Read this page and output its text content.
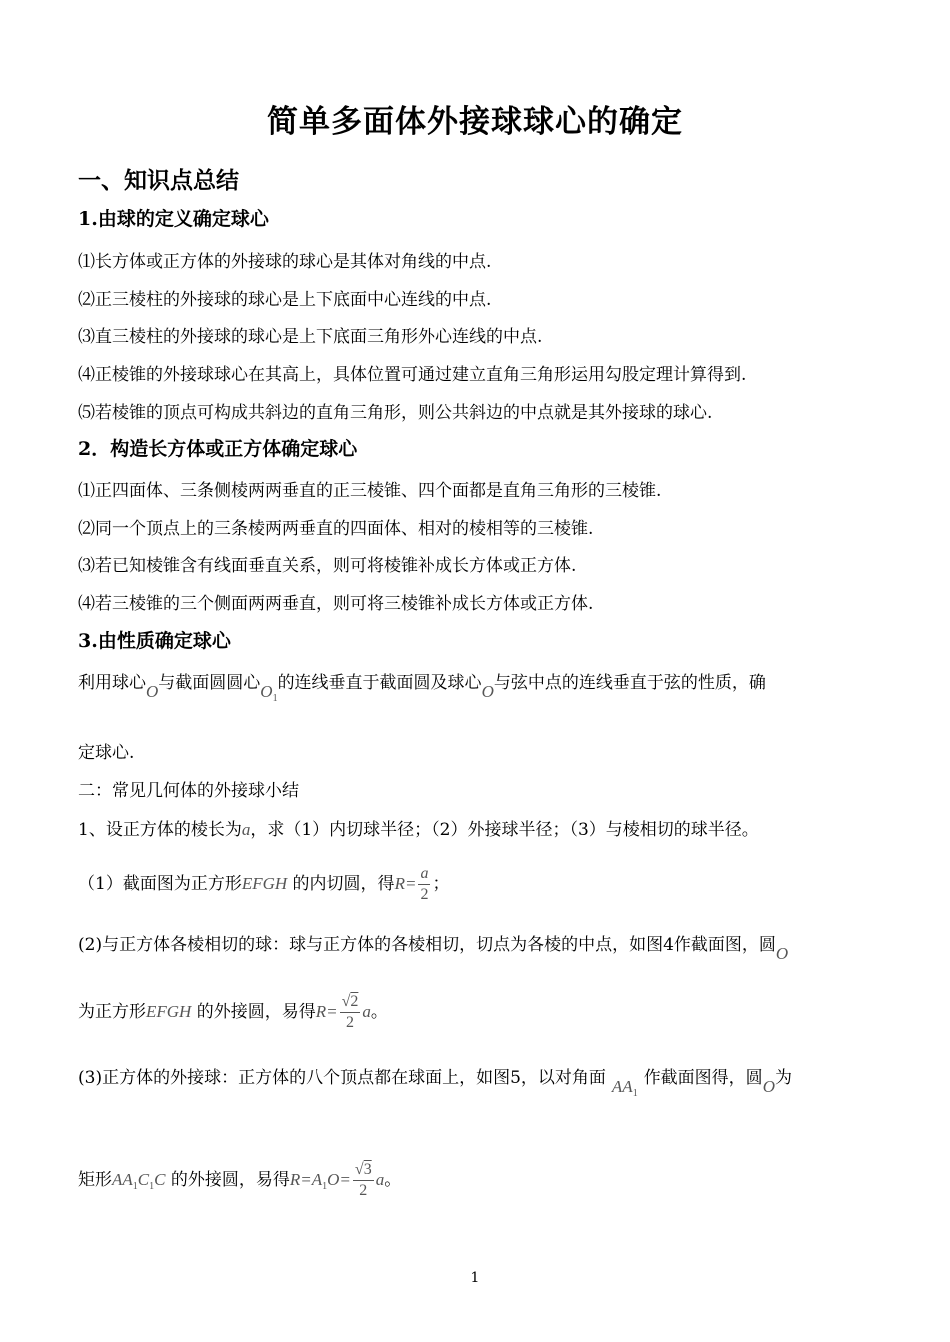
简单多面体外接球球心的确定
一、知识点总结
1.由球的定义确定球心
⑴长方体或正方体的外接球的球心是其体对角线的中点.
⑵正三棱柱的外接球的球心是上下底面中心连线的中点.
⑶直三棱柱的外接球的球心是上下底面三角形外心连线的中点.
⑷正棱锥的外接球球心在其高上，具体位置可通过建立直角三角形运用勾股定理计算得到.
⑸若棱锥的顶点可构成共斜边的直角三角形，则公共斜边的中点就是其外接球的球心.
2．构造长方体或正方体确定球心
⑴正四面体、三条侧棱两两垂直的正三棱锥、四个面都是直角三角形的三棱锥.
⑵同一个顶点上的三条棱两两垂直的四面体、相对的棱相等的三棱锥.
⑶若已知棱锥含有线面垂直关系，则可将棱锥补成长方体或正方体.
⑷若三棱锥的三个侧面两两垂直，则可将三棱锥补成长方体或正方体.
3.由性质确定球心
利用球心O与截面圆圆心$O_1$的连线垂直于截面圆及球心O与弦中点的连线垂直于弦的性质，确
定球心.
二：常见几何体的外接球小结
1、设正方体的棱长为a，求（1）内切球半径；（2）外接球半径；（3）与棱相切的球半径。
（1）截面图为正方形EFGH 的内切圆，得$R= \frac{a}{2}$ ；
(2)与正方体各棱相切的球：球与正方体的各棱相切，切点为各棱的中点，如图4作截面图，圆O
为正方形EFGH 的外接圆，易得$R= \frac{√2}{2}$ a。
(3)正方体的外接球：正方体的八个顶点都在球面上，如图5，以对角面 $AA_1$作截面图得，圆O为
矩形$AA_1C_1C$ 的外接圆，易得$R=A_1O= \frac{√3}{2}$ a。
1
